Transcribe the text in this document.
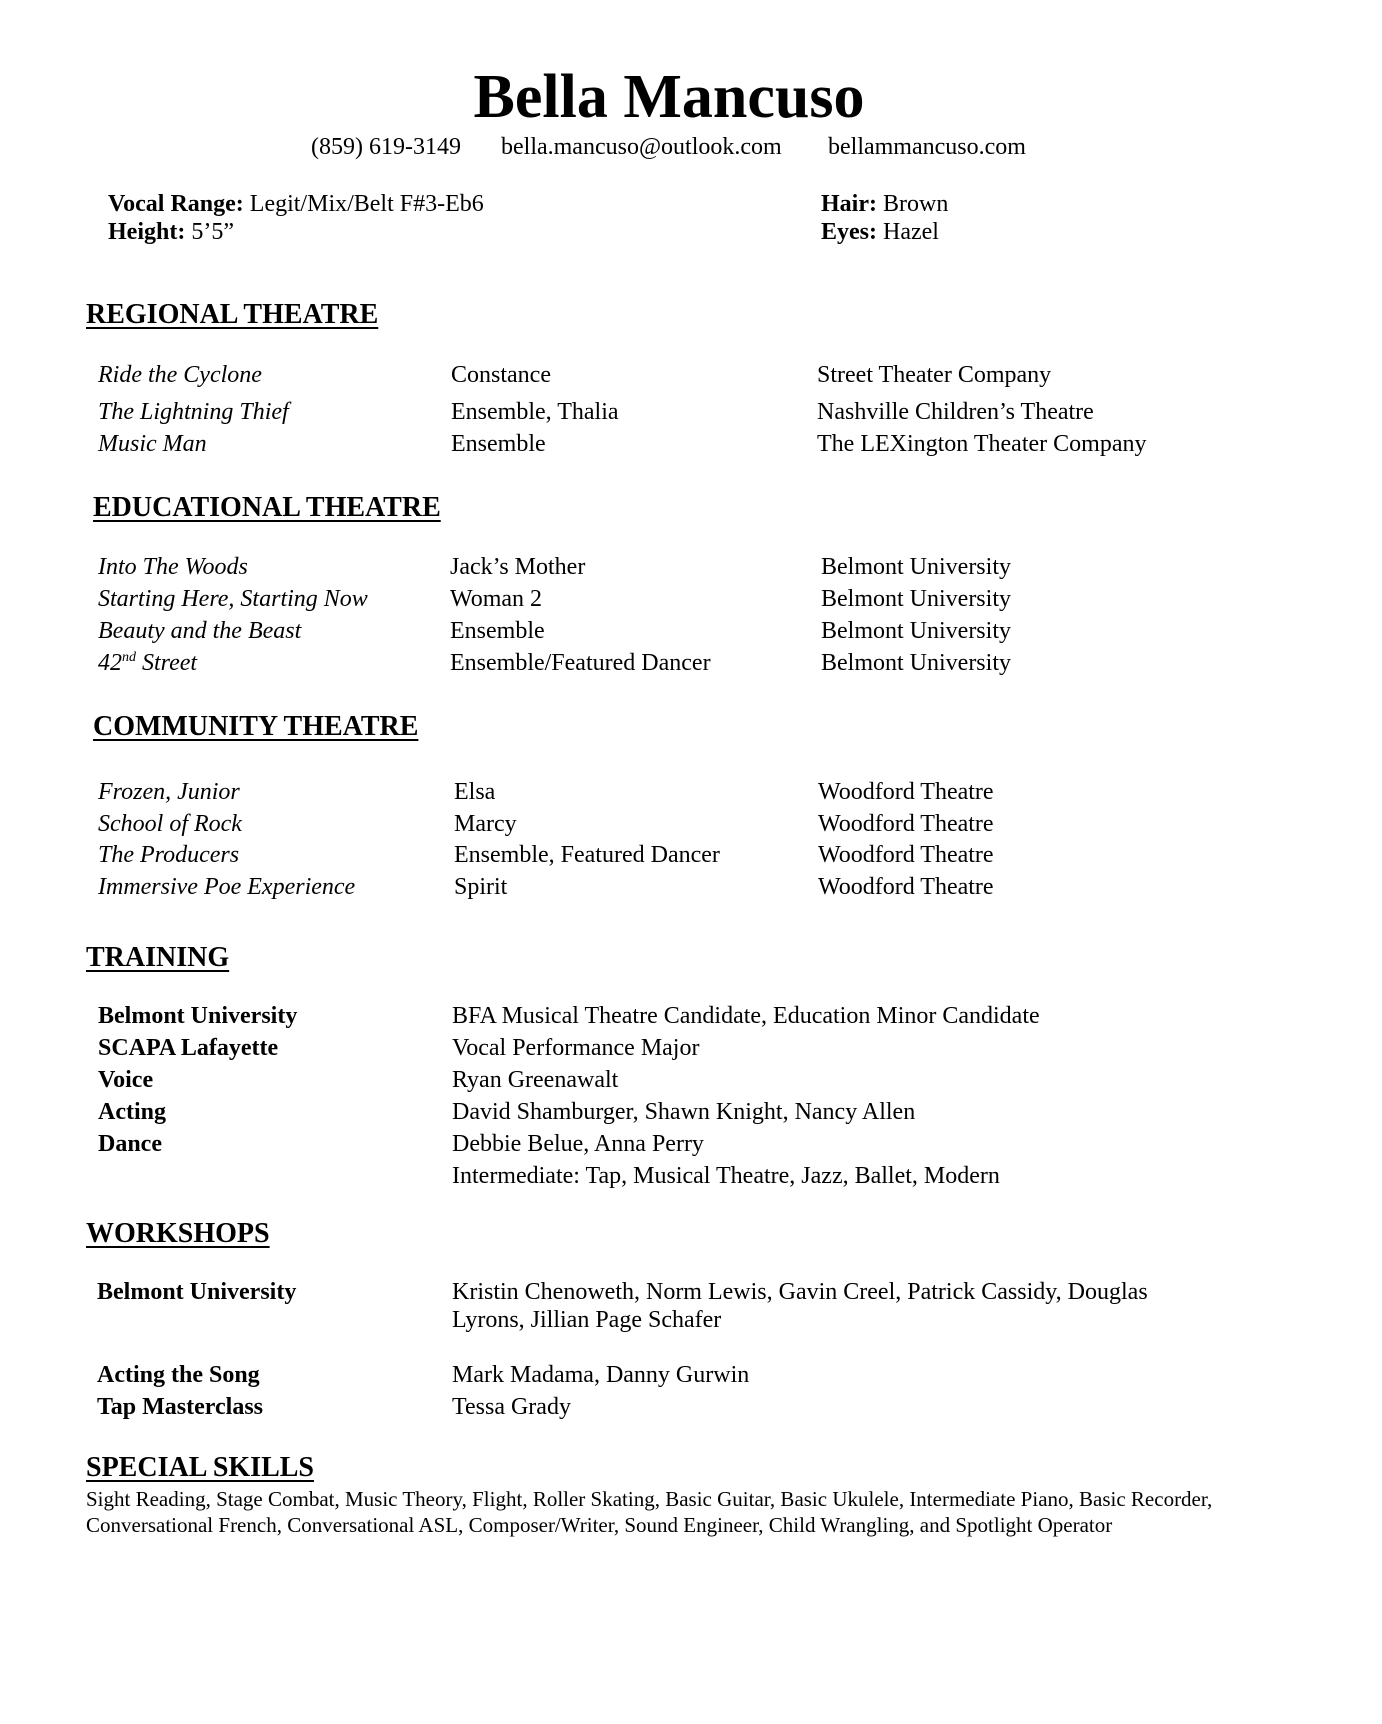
Bella Mancuso
(859) 619-3149 bella.mancuso@outlook.com bellammancuso.com
Vocal Range: Legit/Mix/Belt F#3-Eb6
Height: 5’5”
Hair: Brown
Eyes: Hazel
REGIONAL THEATRE
Ride the Cyclone	Constance	Street Theater Company
The Lightning Thief	Ensemble, Thalia	Nashville Children’s Theatre
Music Man	Ensemble	The LEXington Theater Company
EDUCATIONAL THEATRE
Into The Woods	Jack’s Mother	Belmont University
Starting Here, Starting Now	Woman 2	Belmont University
Beauty and the Beast	Ensemble	Belmont University
42nd Street	Ensemble/Featured Dancer	Belmont University
COMMUNITY THEATRE
Frozen, Junior	Elsa	Woodford Theatre
School of Rock	Marcy	Woodford Theatre
The Producers	Ensemble, Featured Dancer	Woodford Theatre
Immersive Poe Experience	Spirit	Woodford Theatre
TRAINING
Belmont University	BFA Musical Theatre Candidate, Education Minor Candidate
SCAPA Lafayette	Vocal Performance Major
Voice	Ryan Greenawalt
Acting	David Shamburger, Shawn Knight, Nancy Allen
Dance	Debbie Belue, Anna Perry
Intermediate: Tap, Musical Theatre, Jazz, Ballet, Modern
WORKSHOPS
Belmont University	Kristin Chenoweth, Norm Lewis, Gavin Creel, Patrick Cassidy, Douglas
Lyrons, Jillian Page Schafer
Acting the Song	Mark Madama, Danny Gurwin
Tap Masterclass	Tessa Grady
SPECIAL SKILLS
Sight Reading, Stage Combat, Music Theory, Flight, Roller Skating, Basic Guitar, Basic Ukulele, Intermediate Piano, Basic Recorder, Conversational French, Conversational ASL, Composer/Writer, Sound Engineer, Child Wrangling, and Spotlight Operator
